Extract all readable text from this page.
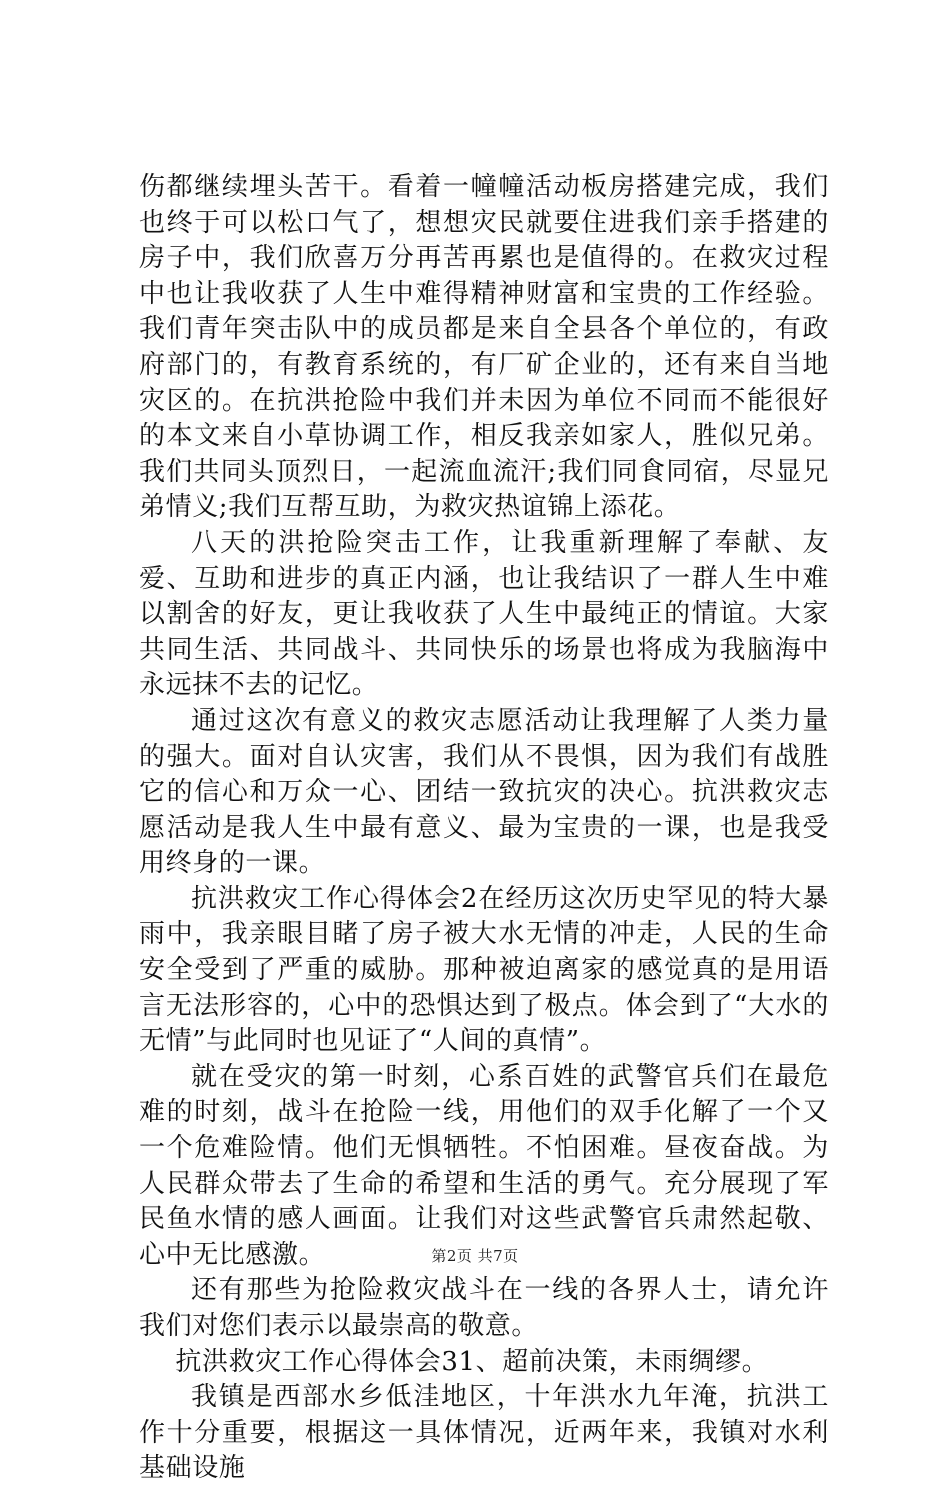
伤都继续埋头苦干。看着一幢幢活动板房搭建完成，我们也终于可以松口气了，想想灾民就要住进我们亲手搭建的房子中，我们欣喜万分再苦再累也是值得的。在救灾过程中也让我收获了人生中难得精神财富和宝贵的工作经验。我们青年突击队中的成员都是来自全县各个单位的，有政府部门的，有教育系统的，有厂矿企业的，还有来自当地灾区的。在抗洪抢险中我们并未因为单位不同而不能很好的本文来自小草协调工作，相反我亲如家人，胜似兄弟。我们共同头顶烈日，一起流血流汗;我们同食同宿，尽显兄弟情义;我们互帮互助，为救灾热谊锦上添花。

八天的洪抢险突击工作，让我重新理解了奉献、友爱、互助和进步的真正内涵，也让我结识了一群人生中难以割舍的好友，更让我收获了人生中最纯正的情谊。大家共同生活、共同战斗、共同快乐的场景也将成为我脑海中永远抹不去的记忆。

通过这次有意义的救灾志愿活动让我理解了人类力量的强大。面对自认灾害，我们从不畏惧，因为我们有战胜它的信心和万众一心、团结一致抗灾的决心。抗洪救灾志愿活动是我人生中最有意义、最为宝贵的一课，也是我受用终身的一课。

抗洪救灾工作心得体会2在经历这次历史罕见的特大暴雨中，我亲眼目睹了房子被大水无情的冲走，人民的生命安全受到了严重的威胁。那种被迫离家的感觉真的是用语言无法形容的，心中的恐惧达到了极点。体会到了“大水的无情”与此同时也见证了“人间的真情”。

就在受灾的第一时刻，心系百姓的武警官兵们在最危难的时刻，战斗在抢险一线，用他们的双手化解了一个又一个危难险情。他们无惧牺牲。不怕困难。昼夜奋战。为人民群众带去了生命的希望和生活的勇气。充分展现了军民鱼水情的感人画面。让我们对这些武警官兵肃然起敬、心中无比感激。

还有那些为抢险救灾战斗在一线的各界人士，请允许我们对您们表示以最崇高的敬意。

抗洪救灾工作心得体会31、超前决策，未雨绸缪。

我镇是西部水乡低洼地区，十年洪水九年淹，抗洪工作十分重要，根据这一具体情况，近两年来，我镇对水利基础设施

第2页 共7页
